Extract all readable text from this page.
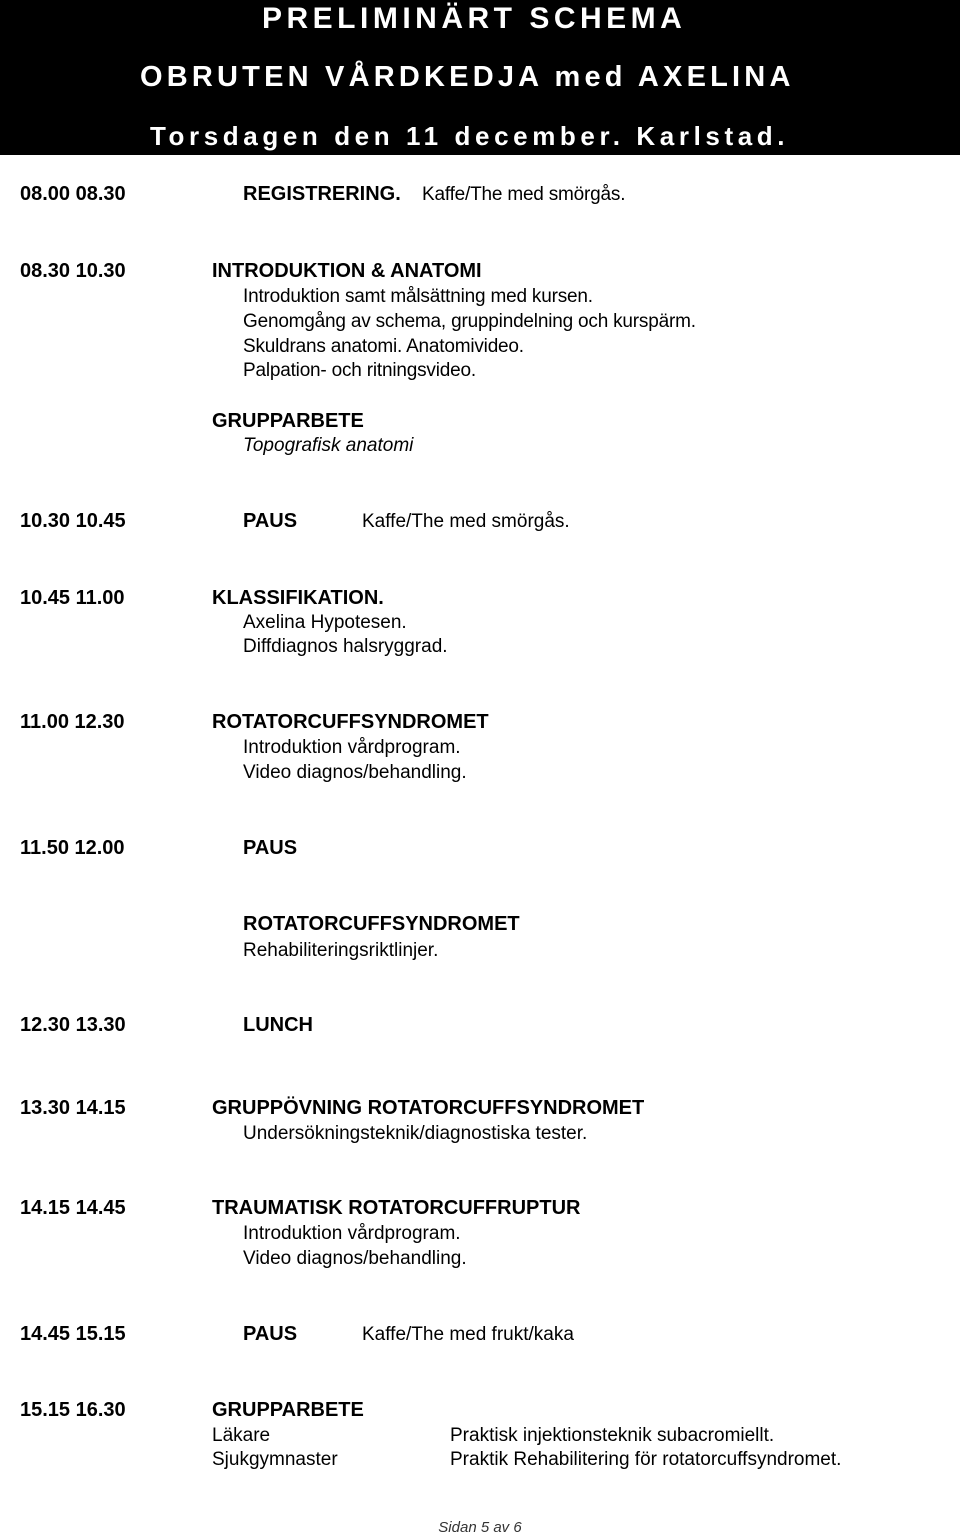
PRELIMINÄRT SCHEMA
OBRUTEN VÅRDKEDJA med AXELINA
Torsdagen den 11 december. Karlstad.
08.00 08.30	REGISTRERING. Kaffe/The med smörgås.
08.30 10.30	INTRODUKTION & ANATOMI
Introduktion samt målsättning med kursen.
Genomgång av schema, gruppindelning och kurspärm.
Skuldrans anatomi. Anatomivideo.
Palpation- och ritningsvideo.
GRUPPARBETE
Topografisk anatomi
10.30 10.45	PAUS	Kaffe/The med smörgås.
10.45 11.00	KLASSIFIKATION.
Axelina Hypotesen.
Diffdiagnos halsryggrad.
11.00 12.30	ROTATORCUFFSYNDROMET
Introduktion vårdprogram.
Video diagnos/behandling.
11.50 12.00	PAUS
ROTATORCUFFSYNDROMET
Rehabiliteringsriktlinjer.
12.30 13.30	LUNCH
13.30 14.15	GRUPPÖVNING ROTATORCUFFSYNDROMET
Undersökningsteknik/diagnostiska tester.
14.15 14.45	TRAUMATISK ROTATORCUFFRUPTUR
Introduktion vårdprogram.
Video diagnos/behandling.
14.45 15.15	PAUS	Kaffe/The med frukt/kaka
15.15 16.30	GRUPPARBETE
Läkare	Praktisk injektionsteknik subacromiellt.
Sjukgymnaster	Praktik Rehabilitering för rotatorcuffsyndromet.
Sidan 5 av 6
